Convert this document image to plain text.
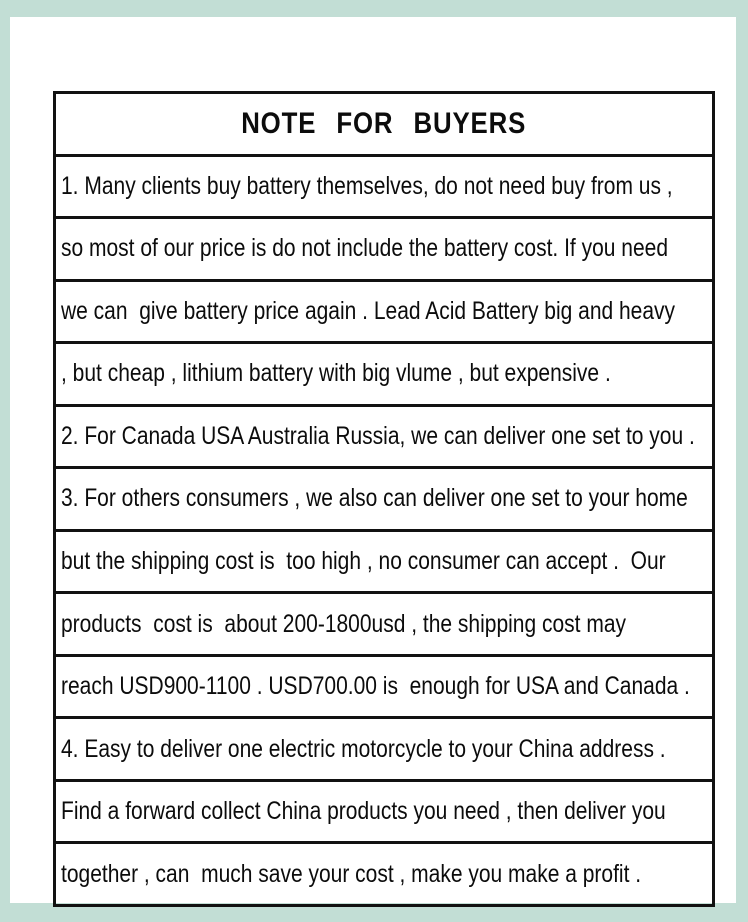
NOTE FOR BUYERS
1. Many clients buy battery themselves, do not need buy from us ,
so most of our price is do not include the battery cost. If you need
we can  give battery price again . Lead Acid Battery big and heavy
, but cheap , lithium battery with big vlume , but expensive .
2. For Canada USA Australia Russia, we can deliver one set to you .
3. For others consumers , we also can deliver one set to your home
but the shipping cost is  too high , no consumer can accept .  Our
products  cost is  about 200-1800usd , the shipping cost may
reach USD900-1100 . USD700.00 is  enough for USA and Canada .
4. Easy to deliver one electric motorcycle to your China address .
Find a forward collect China products you need , then deliver you
together , can  much save your cost , make you make a profit .
